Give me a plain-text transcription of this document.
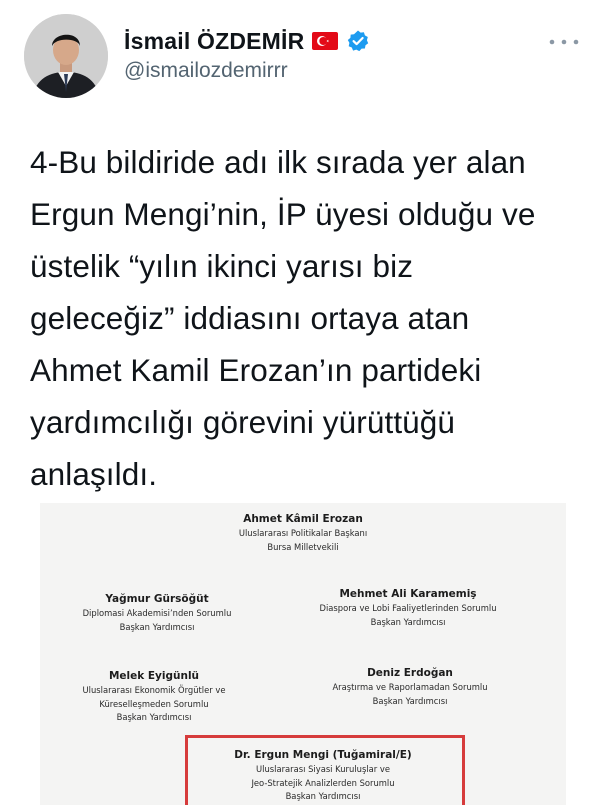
İsmail ÖZDEMİR
@ismailozdemirrr
4-Bu bildiride adı ilk sırada yer alan
Ergun Mengi’nin, İP üyesi olduğu ve
üstelik “yılın ikinci yarısı biz
geleceğiz” iddiasını ortaya atan
Ahmet Kamil Erozan’ın partideki
yardımcılığı görevini yürüttüğü
anlaşıldı.
Ahmet Kâmil Erozan
Uluslararası Politikalar Başkanı
Bursa Milletvekili
Yağmur Gürsöğüt
Diplomasi Akademisi’nden Sorumlu
Başkan Yardımcısı
Mehmet Ali Karamemiş
Diaspora ve Lobi Faaliyetlerinden Sorumlu
Başkan Yardımcısı
Melek Eyigünlü
Uluslararası Ekonomik Örgütler ve
Küreselleşmeden Sorumlu
Başkan Yardımcısı
Deniz Erdoğan
Araştırma ve Raporlamadan Sorumlu
Başkan Yardımcısı
Dr. Ergun Mengi (Tuğamiral/E)
Uluslararası Siyasi Kuruluşlar ve
Jeo-Stratejik Analizlerden Sorumlu
Başkan Yardımcısı
